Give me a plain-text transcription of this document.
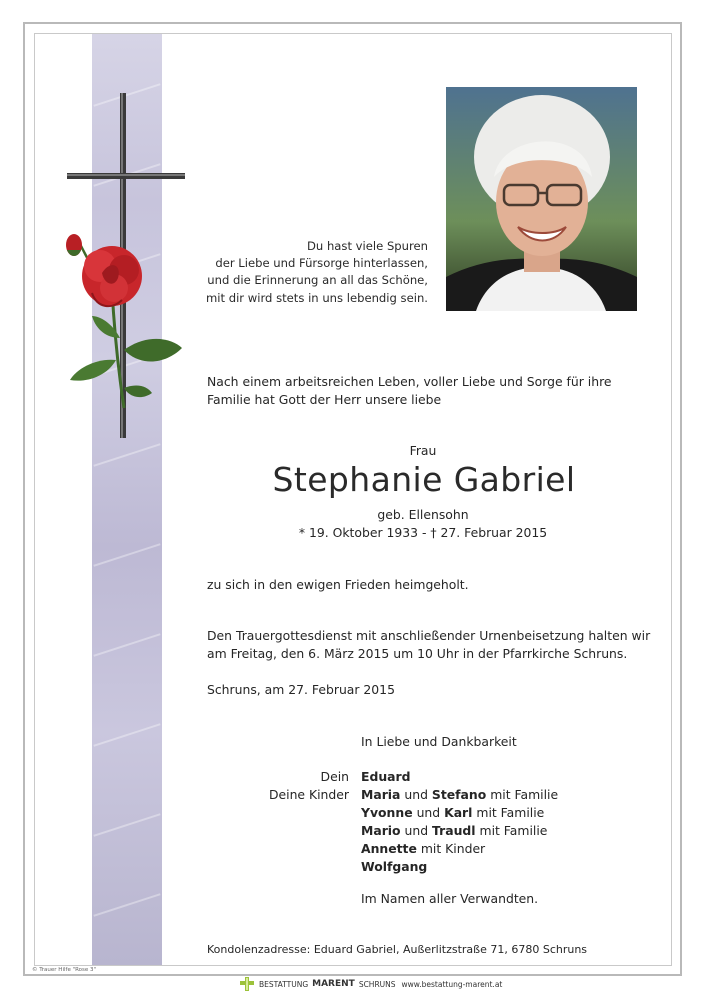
Du hast viele Spuren
der Liebe und Fürsorge hinterlassen,
und die Erinnerung an all das Schöne,
mit dir wird stets in uns lebendig sein.
Nach einem arbeitsreichen Leben, voller Liebe und Sorge für ihre
Familie hat Gott der Herr unsere liebe
Frau
Stephanie Gabriel
geb. Ellensohn
* 19. Oktober 1933 - † 27. Februar 2015
zu sich in den ewigen Frieden heimgeholt.
Den Trauergottesdienst mit anschließender Urnenbeisetzung halten wir
am Freitag, den 6. März 2015 um 10 Uhr in der Pfarrkirche Schruns.
Schruns, am 27. Februar 2015
In Liebe und Dankbarkeit
Dein
Deine Kinder
Eduard
Maria und Stefano mit Familie
Yvonne und Karl mit Familie
Mario und Traudl mit Familie
Annette mit Kinder
Wolfgang
Im Namen aller Verwandten.
Kondolenzadresse: Eduard Gabriel, Außerlitzstraße 71, 6780 Schruns
© Trauer Hilfe "Rose 3"
BESTATTUNG MARENT SCHRUNS www.bestattung-marent.at
